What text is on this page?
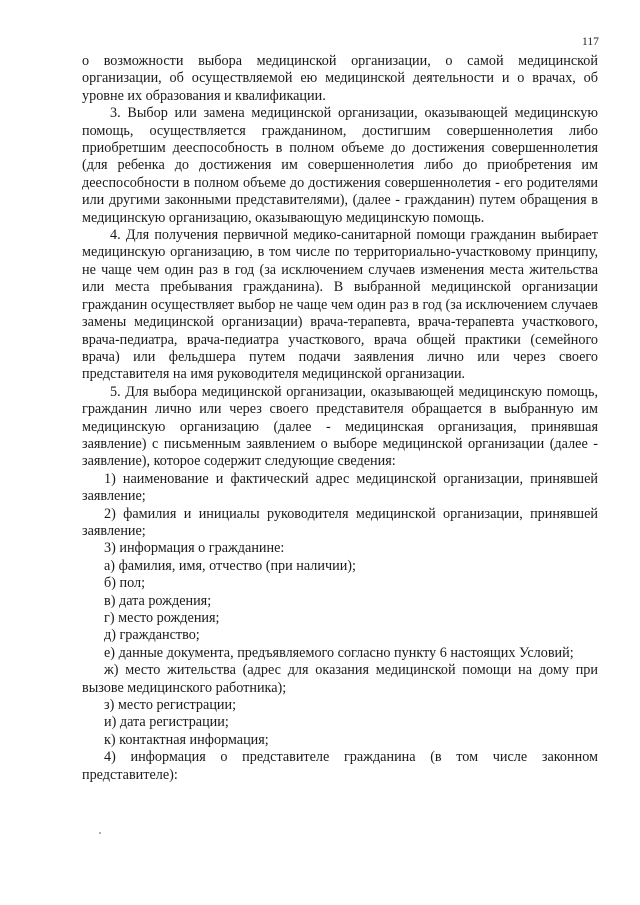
117

о возможности выбора медицинской организации, о самой медицинской организации, об осуществляемой ею медицинской деятельности и о врачах, об уровне их образования и квалификации.

3. Выбор или замена медицинской организации, оказывающей медицинскую помощь, осуществляется гражданином, достигшим совершеннолетия либо приобретшим дееспособность в полном объеме до достижения совершеннолетия (для ребенка до достижения им совершеннолетия либо до приобретения им дееспособности в полном объеме до достижения совершеннолетия - его родителями или другими законными представителями), (далее - гражданин) путем обращения в медицинскую организацию, оказывающую медицинскую помощь.

4. Для получения первичной медико-санитарной помощи гражданин выбирает медицинскую организацию, в том числе по территориально-участковому принципу, не чаще чем один раз в год (за исключением случаев изменения места жительства или места пребывания гражданина). В выбранной медицинской организации гражданин осуществляет выбор не чаще чем один раз в год (за исключением случаев замены медицинской организации) врача-терапевта, врача-терапевта участкового, врача-педиатра, врача-педиатра участкового, врача общей практики (семейного врача) или фельдшера путем подачи заявления лично или через своего представителя на имя руководителя медицинской организации.

5. Для выбора медицинской организации, оказывающей медицинскую помощь, гражданин лично или через своего представителя обращается в выбранную им медицинскую организацию (далее - медицинская организация, принявшая заявление) с письменным заявлением о выборе медицинской организации (далее - заявление), которое содержит следующие сведения:

1) наименование и фактический адрес медицинской организации, принявшей заявление;

2) фамилия и инициалы руководителя медицинской организации, принявшей заявление;

3) информация о гражданине:

а) фамилия, имя, отчество (при наличии);

б) пол;

в) дата рождения;

г) место рождения;

д) гражданство;

е) данные документа, предъявляемого согласно пункту 6 настоящих Условий;

ж) место жительства (адрес для оказания медицинской помощи на дому при вызове медицинского работника);

з) место регистрации;

и) дата регистрации;

к) контактная информация;

4) информация о представителе гражданина (в том числе законном представителе):
